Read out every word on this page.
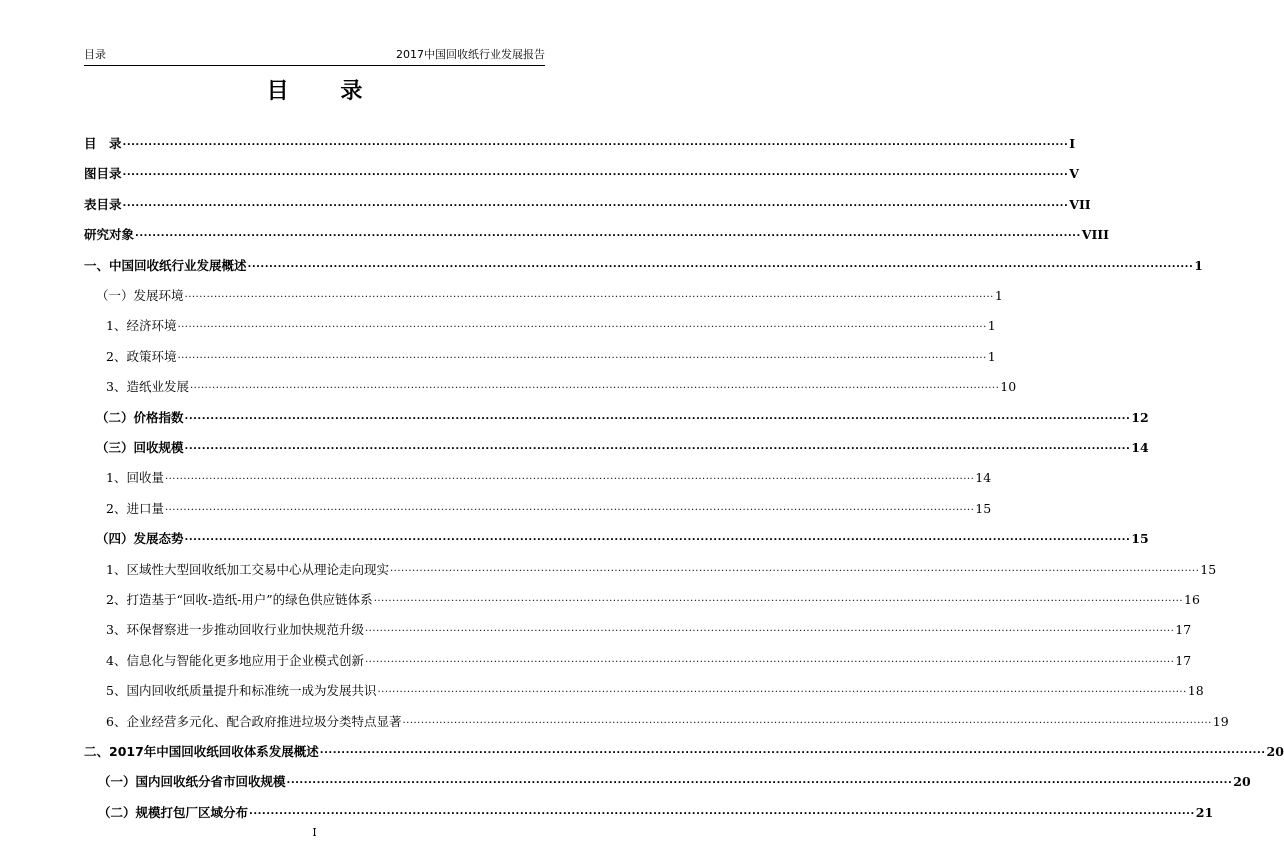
目录	2017中国回收纸行业发展报告
目 录
目　录 ............................................................................................................................................................................................................................ I
图目录 ............................................................................................................................................................................................................................ V
表目录 ............................................................................................................................................................................................................................ VII
研究对象 ............................................................................................................................................................................................................................ VIII
一、中国回收纸行业发展概述 ............................................................................................................................................................................................................................ 1
（一）发展环境 ............................................................................................................................................................................................................................ 1
1、经济环境 ............................................................................................................................................................................................................................ 1
2、政策环境 ............................................................................................................................................................................................................................ 1
3、造纸业发展 ............................................................................................................................................................................................................................ 10
（二）价格指数 ............................................................................................................................................................................................................................ 12
（三）回收规模 ............................................................................................................................................................................................................................ 14
1、回收量 ............................................................................................................................................................................................................................ 14
2、进口量 ............................................................................................................................................................................................................................ 15
（四）发展态势 ............................................................................................................................................................................................................................ 15
1、区域性大型回收纸加工交易中心从理论走向现实 ............................................................................................................................................................................................................................ 15
2、打造基于“回收-造纸-用户”的绿色供应链体系 ............................................................................................................................................................................................................................ 16
3、环保督察进一步推动回收行业加快规范升级 ............................................................................................................................................................................................................................ 17
4、信息化与智能化更多地应用于企业模式创新 ............................................................................................................................................................................................................................ 17
5、国内回收纸质量提升和标准统一成为发展共识 ............................................................................................................................................................................................................................ 18
6、企业经营多元化、配合政府推进垃圾分类特点显著 ............................................................................................................................................................................................................................ 19
二、2017年中国回收纸回收体系发展概述 ............................................................................................................................................................................................................................ 20
（一）国内回收纸分省市回收规模 ............................................................................................................................................................................................................................ 20
（二）规模打包厂区域分布 ............................................................................................................................................................................................................................ 21
I
